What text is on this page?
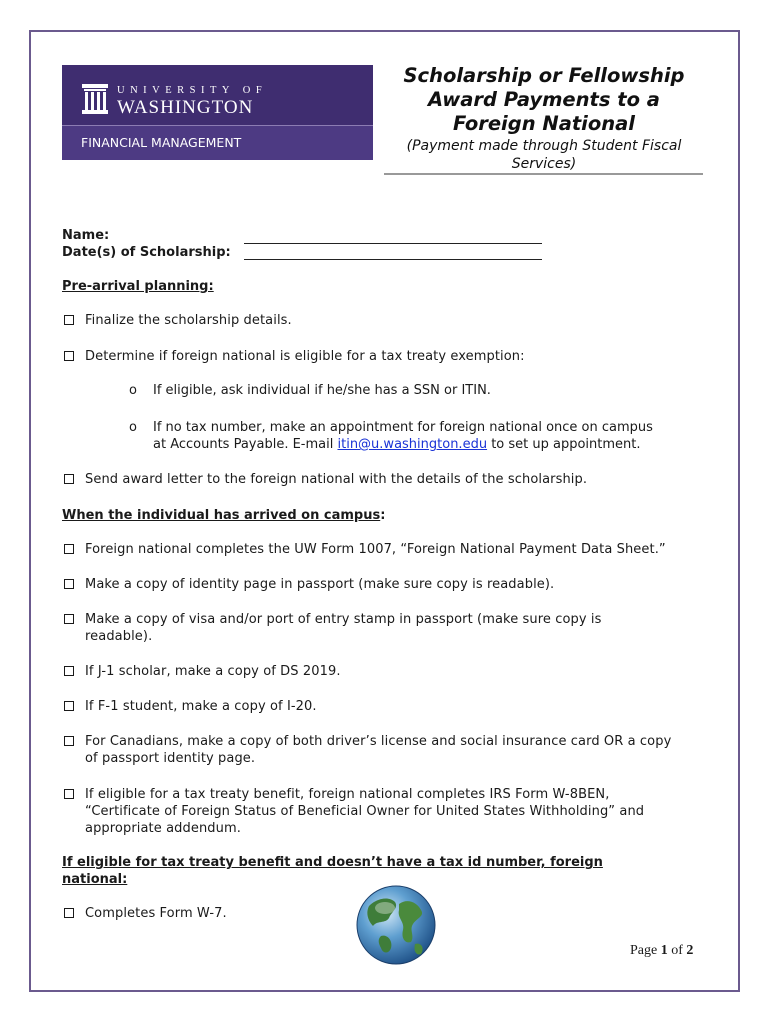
UNIVERSITY OF
WASHINGTON
FINANCIAL MANAGEMENT
Scholarship or Fellowship
Award Payments to a
Foreign National
(Payment made through Student Fiscal
Services)
Name:
Date(s) of Scholarship:
Pre-arrival planning:
Finalize the scholarship details.
Determine if foreign national is eligible for a tax treaty exemption:
o If eligible, ask individual if he/she has a SSN or ITIN.
o If no tax number, make an appointment for foreign national once on campus
at Accounts Payable. E-mail itin@u.washington.edu to set up appointment.
Send award letter to the foreign national with the details of the scholarship.
When the individual has arrived on campus:
Foreign national completes the UW Form 1007, “Foreign National Payment Data Sheet.”
Make a copy of identity page in passport (make sure copy is readable).
Make a copy of visa and/or port of entry stamp in passport (make sure copy is
readable).
If J-1 scholar, make a copy of DS 2019.
If F-1 student, make a copy of I-20.
For Canadians, make a copy of both driver’s license and social insurance card OR a copy
of passport identity page.
If eligible for a tax treaty benefit, foreign national completes IRS Form W-8BEN,
“Certificate of Foreign Status of Beneficial Owner for United States Withholding” and
appropriate addendum.
If eligible for tax treaty benefit and doesn’t have a tax id number, foreign
national:
Completes Form W-7.
Page 1 of 2
